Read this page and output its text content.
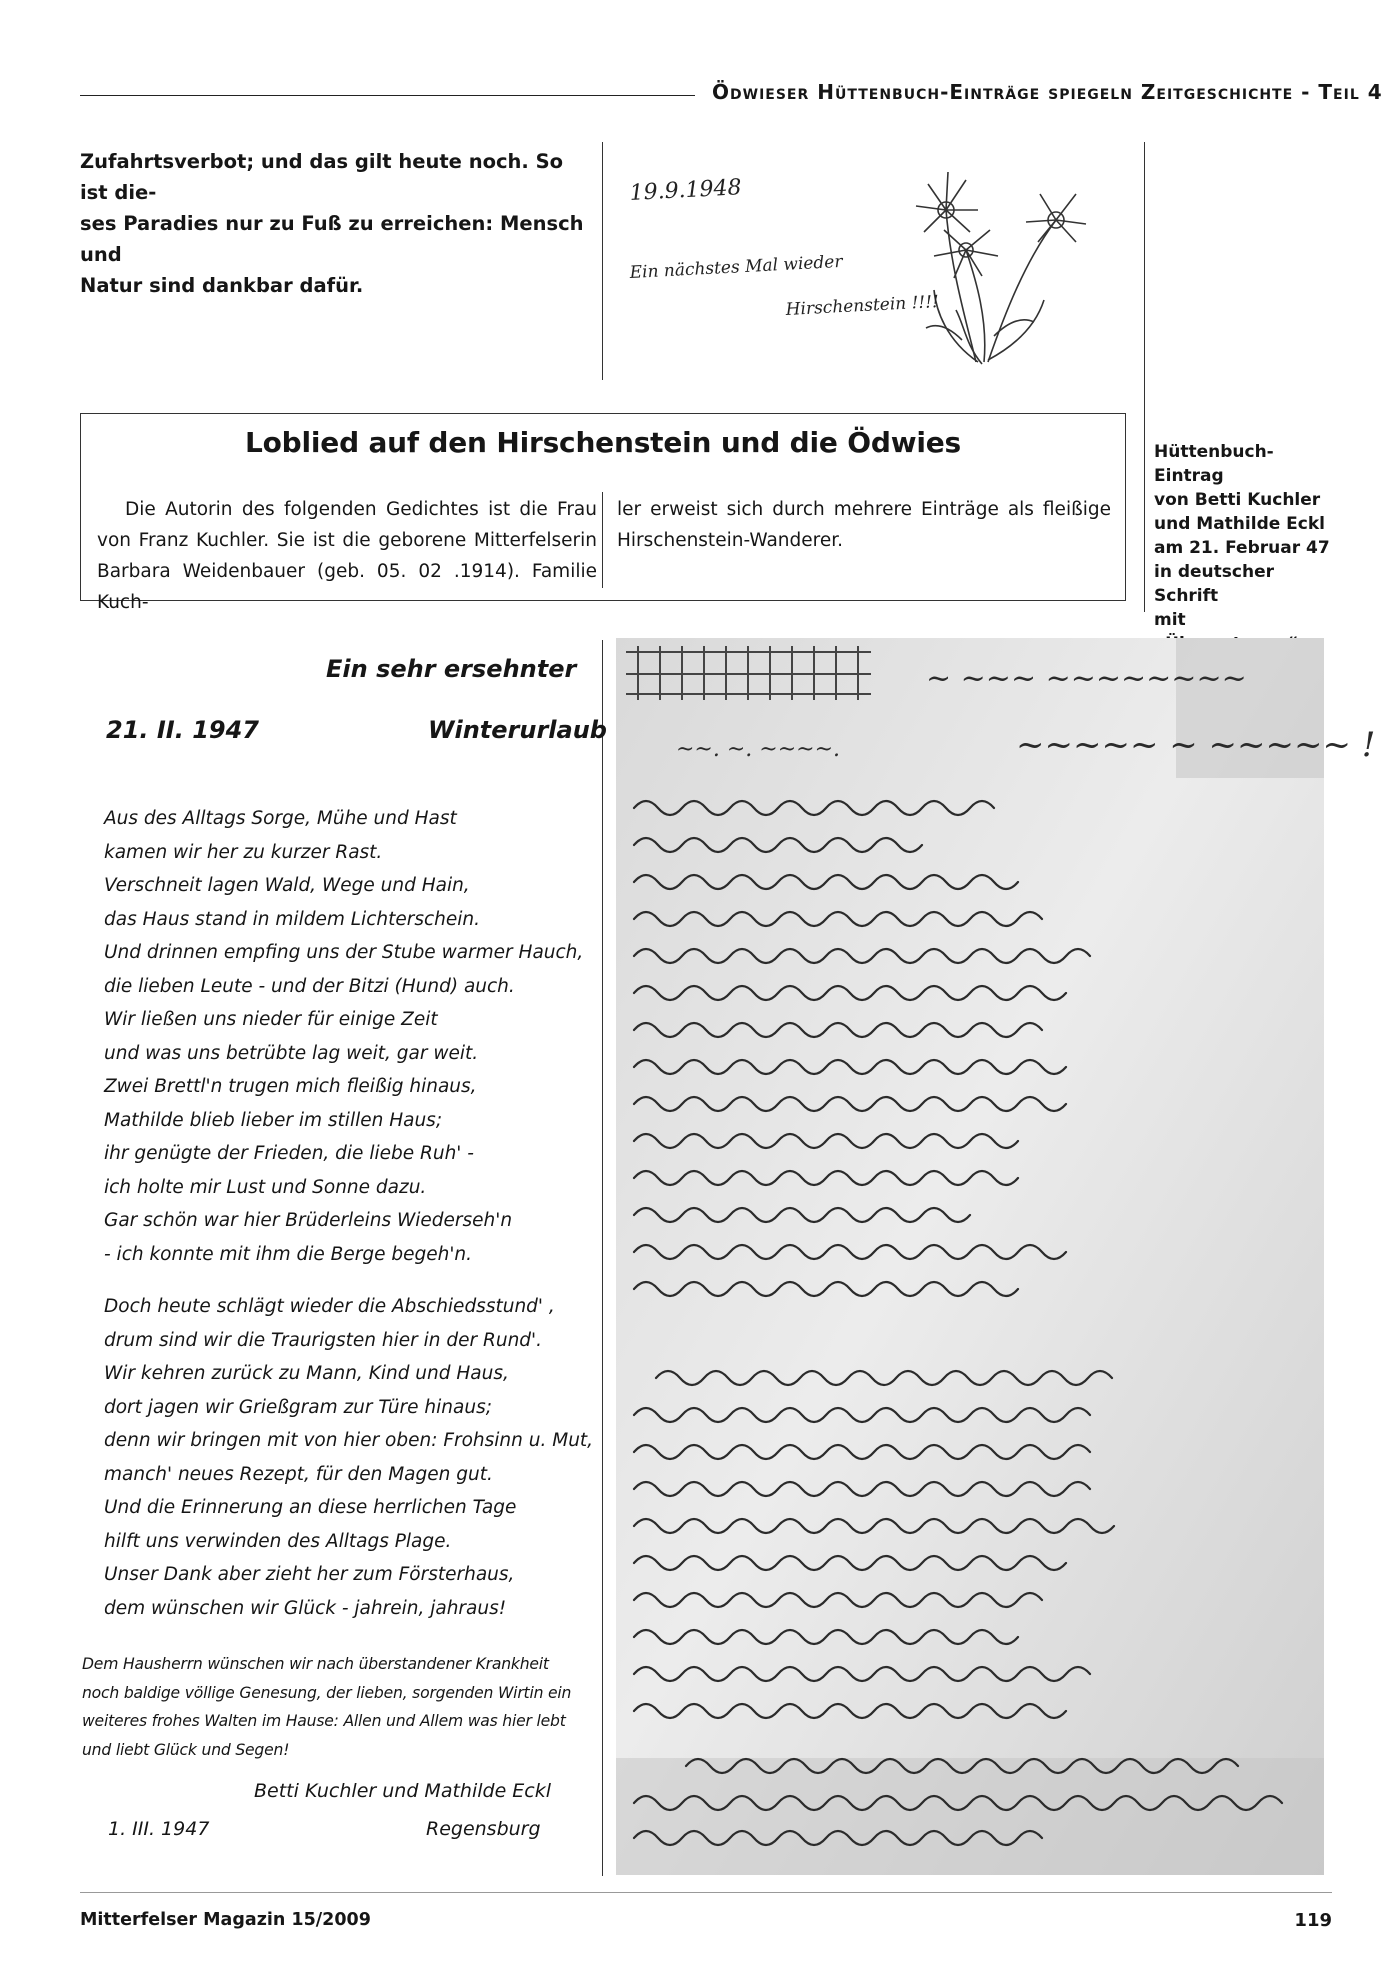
Ödwieser Hüttenbuch-Einträge spiegeln Zeitgeschichte - Teil 4
Zufahrtsverbot; und das gilt heute noch. So ist die-
ses Paradies nur zu Fuß zu erreichen: Mensch und
Natur sind dankbar dafür.
19.9.1948
Ein nächstes Mal wieder
Hirschenstein !!!!
Loblied auf den Hirschenstein und die Ödwies
Die Autorin des folgenden Gedichtes ist die Frau von Franz Kuchler. Sie ist die geborene Mitterfelserin Barbara Weidenbauer (geb. 05. 02 .1914). Familie Kuch-
ler erweist sich durch mehrere Einträge als fleißige Hirschenstein-Wanderer.
Hüttenbuch-Eintrag
von Betti Kuchler
und Mathilde Eckl
am 21. Februar 47
in deutscher Schrift
mit
Ein sehr ersehnter
21. II. 1947	Winterurlaub
Aus des Alltags Sorge, Mühe und Hast
kamen wir her zu kurzer Rast.
Verschneit lagen Wald, Wege und Hain,
das Haus stand in mildem Lichterschein.
Und drinnen empfing uns der Stube warmer Hauch,
die lieben Leute - und der Bitzi (Hund) auch.
Wir ließen uns nieder für einige Zeit
und was uns betrübte lag weit, gar weit.
Zwei Brettl'n trugen mich fleißig hinaus,
Mathilde blieb lieber im stillen Haus;
ihr genügte der Frieden, die liebe Ruh' -
ich holte mir Lust und Sonne dazu.
Gar schön war hier Brüderleins Wiederseh'n
- ich konnte mit ihm die Berge begeh'n.
Doch heute schlägt wieder die Abschiedsstund' ,
drum sind wir die Traurigsten hier in der Rund'.
Wir kehren zurück zu Mann, Kind und Haus,
dort jagen wir Grießgram zur Türe hinaus;
denn wir bringen mit von hier oben: Frohsinn u. Mut,
manch' neues Rezept, für den Magen gut.
Und die Erinnerung an diese herrlichen Tage
hilft uns verwinden des Alltags Plage.
Unser Dank aber zieht her zum Försterhaus,
dem wünschen wir Glück - jahrein, jahraus!
Dem Hausherrn wünschen wir nach überstandener Krankheit
noch baldige völlige Genesung, der lieben, sorgenden Wirtin ein
weiteres frohes Walten im Hause: Allen und Allem was hier lebt
und liebt Glück und Segen!
Betti Kuchler und Mathilde Eckl
1. III. 1947	Regensburg
~ ~~~ ~~~~~~~~
~~. ~. ~~~~.	~~~~~ ~ ~~~~~ !
Mitterfelser Magazin 15/2009	119
